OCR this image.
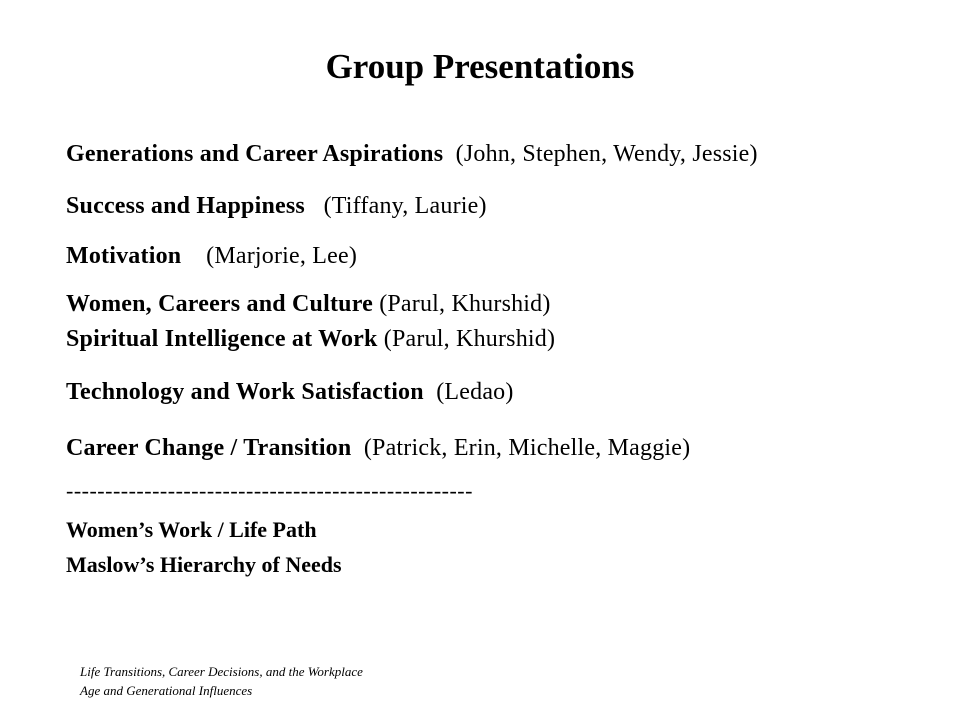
Group Presentations
Generations and Career Aspirations (John, Stephen, Wendy, Jessie)
Success and Happiness (Tiffany, Laurie)
Motivation (Marjorie, Lee)
Women, Careers and Culture (Parul, Khurshid)
Spiritual Intelligence at Work (Parul, Khurshid)
Technology and Work Satisfaction (Ledao)
Career Change / Transition (Patrick, Erin, Michelle, Maggie)
----------------------------------------------------
Women’s Work / Life Path
Maslow’s Hierarchy of Needs
Life Transitions, Career Decisions, and the Workplace
Age and Generational Influences
